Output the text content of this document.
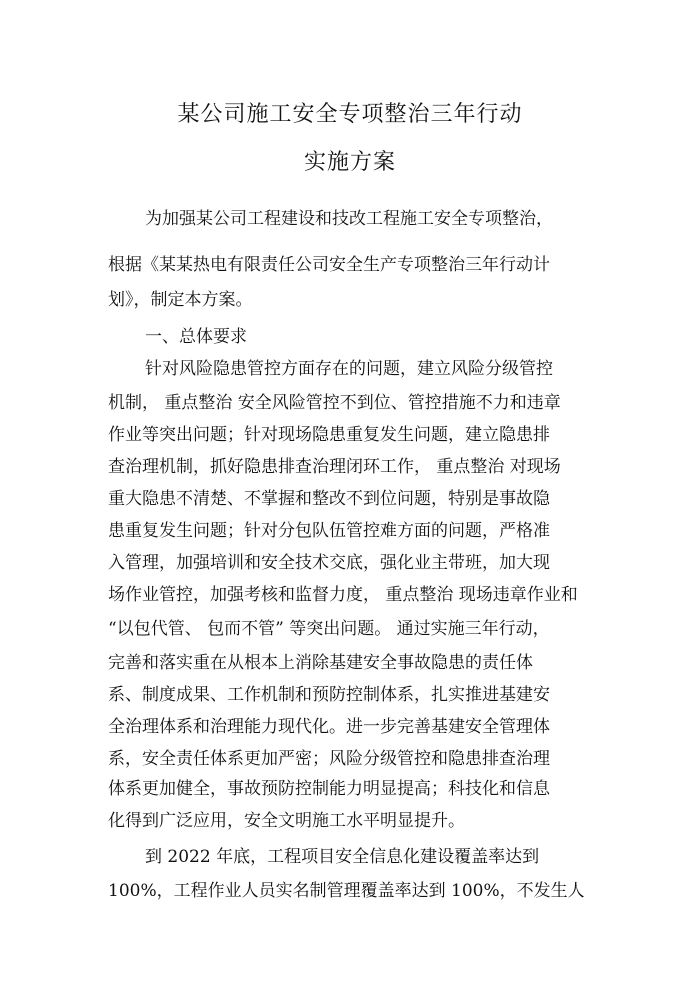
某公司施工安全专项整治三年行动
实施方案
为加强某公司工程建设和技改工程施工安全专项整治，
根据《某某热电有限责任公司安全生产专项整治三年行动计
划》，制定本方案。
一、总体要求
针对风险隐患管控方面存在的问题，建立风险分级管控
机制， 重点整治 安全风险管控不到位、管控措施不力和违章
作业等突出问题；针对现场隐患重复发生问题，建立隐患排
查治理机制，抓好隐患排查治理闭环工作， 重点整治 对现场
重大隐患不清楚、不掌握和整改不到位问题，特别是事故隐
患重复发生问题；针对分包队伍管控难方面的问题，严格准
入管理，加强培训和安全技术交底，强化业主带班，加大现
场作业管控，加强考核和监督力度， 重点整治 现场违章作业和
“以包代管、 包而不管” 等突出问题。 通过实施三年行动，
完善和落实重在从根本上消除基建安全事故隐患的责任体
系、制度成果、工作机制和预防控制体系，扎实推进基建安
全治理体系和治理能力现代化。进一步完善基建安全管理体
系，安全责任体系更加严密；风险分级管控和隐患排查治理
体系更加健全，事故预防控制能力明显提高；科技化和信息
化得到广泛应用，安全文明施工水平明显提升。
到 2022 年底，工程项目安全信息化建设覆盖率达到
100%，工程作业人员实名制管理覆盖率达到 100%，不发生人
